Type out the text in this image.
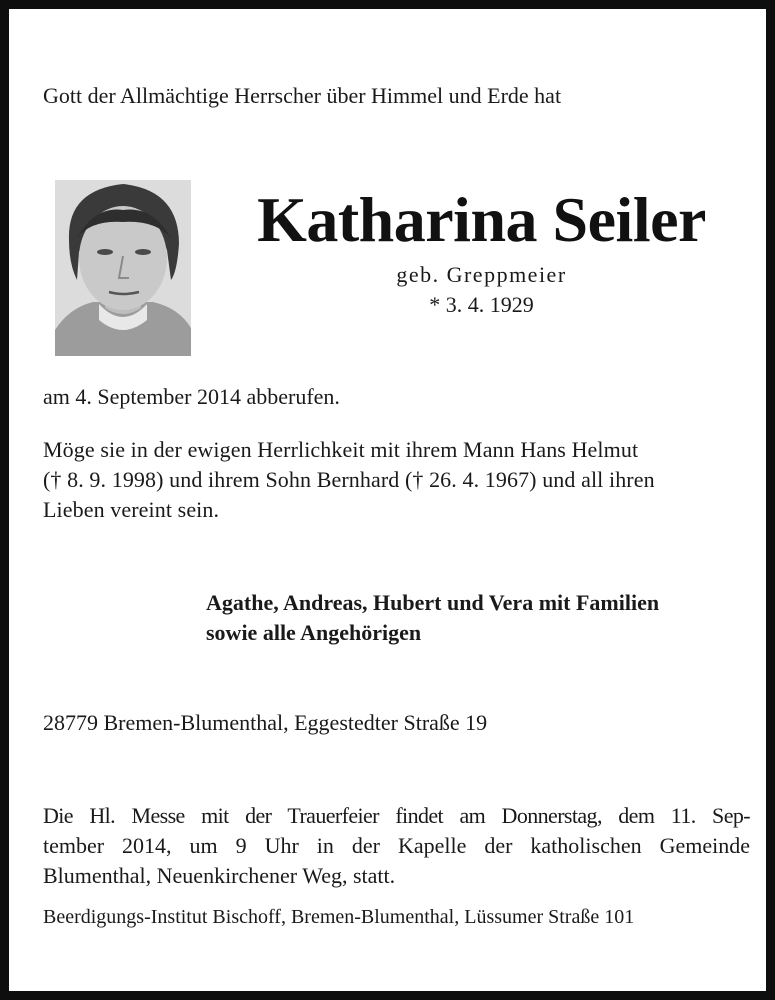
Gott der Allmächtige Herrscher über Himmel und Erde hat
Katharina Seiler
geb. Greppmeier
* 3. 4. 1929
am 4. September 2014 abberufen.
Möge sie in der ewigen Herrlichkeit mit ihrem Mann Hans Helmut
(† 8. 9. 1998) und ihrem Sohn Bernhard († 26. 4. 1967) und all ihren
Lieben vereint sein.
Agathe, Andreas, Hubert und Vera mit Familien
sowie alle Angehörigen
28779 Bremen-Blumenthal, Eggestedter Straße 19
Die Hl. Messe mit der Trauerfeier findet am Donnerstag, dem 11. Sep-
tember 2014, um 9 Uhr in der Kapelle der katholischen Gemeinde
Blumenthal, Neuenkirchener Weg, statt.
Beerdigungs-Institut Bischoff, Bremen-Blumenthal, Lüssumer Straße 101
